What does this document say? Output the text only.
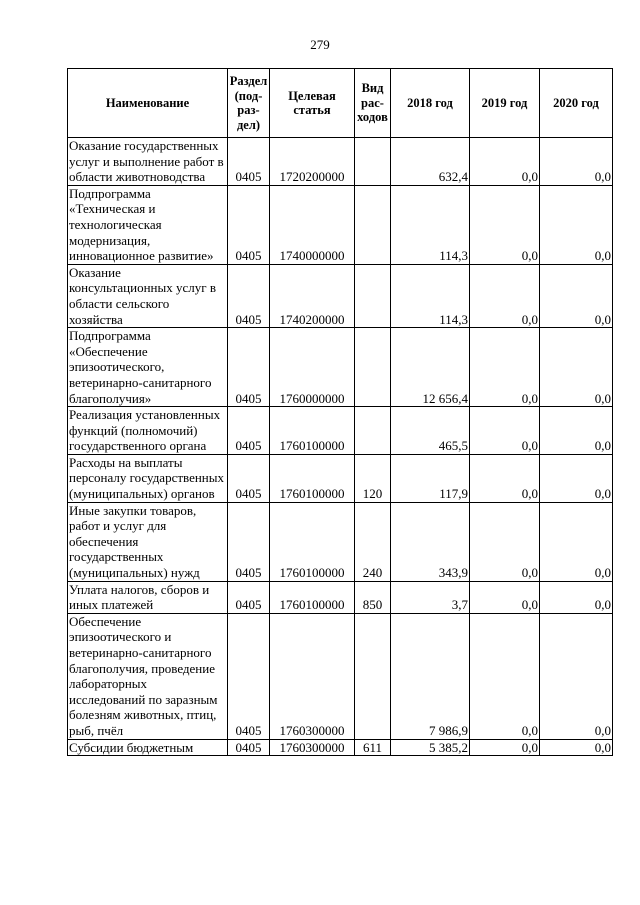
279
Наименование	Раздел (под-раз-дел)	Целевая статья	Вид рас-ходов	2018 год	2019 год	2020 год
Оказание государственных услуг и выполнение работ в области животноводства	0405	1720200000		632,4	0,0	0,0
Подпрограмма «Техническая и технологическая модернизация, инновационное развитие»	0405	1740000000		114,3	0,0	0,0
Оказание консультационных услуг в области сельского хозяйства	0405	1740200000		114,3	0,0	0,0
Подпрограмма «Обеспечение эпизоотического, ветеринарно-санитарного благополучия»	0405	1760000000		12 656,4	0,0	0,0
Реализация установленных функций (полномочий) государственного органа	0405	1760100000		465,5	0,0	0,0
Расходы на выплаты персоналу государственных (муниципальных) органов	0405	1760100000	120	117,9	0,0	0,0
Иные закупки товаров, работ и услуг для обеспечения государственных (муниципальных) нужд	0405	1760100000	240	343,9	0,0	0,0
Уплата налогов, сборов и иных платежей	0405	1760100000	850	3,7	0,0	0,0
Обеспечение эпизоотического и ветеринарно-санитарного благополучия, проведение лабораторных исследований по заразным болезням животных, птиц, рыб, пчёл	0405	1760300000		7 986,9	0,0	0,0
Субсидии бюджетным	0405	1760300000	611	5 385,2	0,0	0,0
